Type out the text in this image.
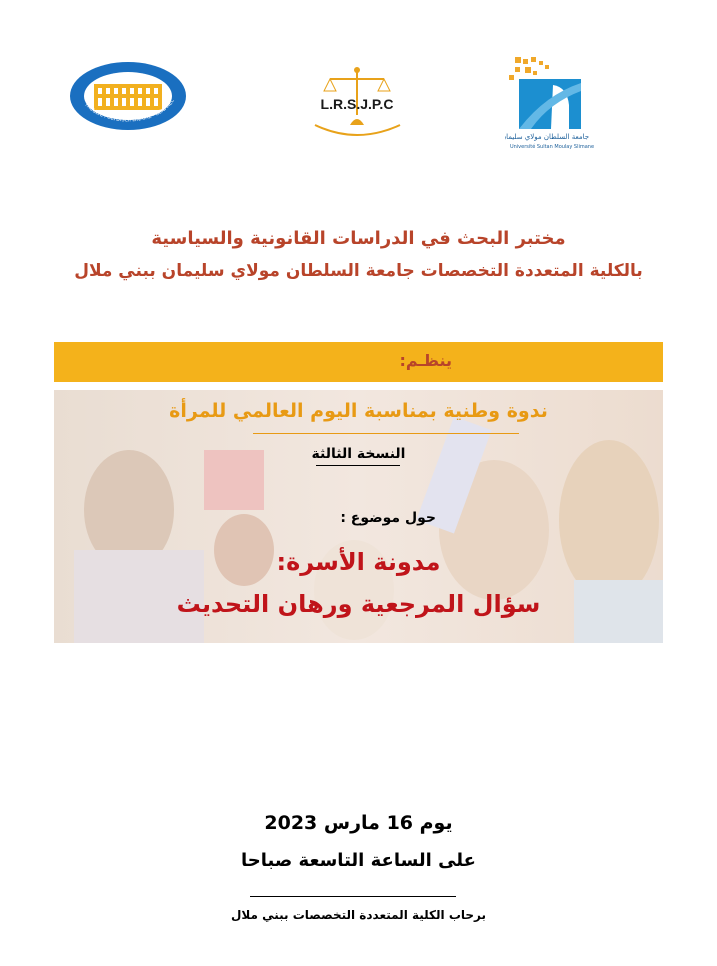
FACULTE POLYDISCIPLINAIRE - BENI MEL	L.R.S.J.P.C
جامعة السلطان مولاي سليمان
Université Sultan Moulay Slimane
مختبر البحث في الدراسات القانونية والسياسية
بالكلية المتعددة التخصصات جامعة السلطان مولاي سليمان ببني ملال
ينظـم:
ندوة وطنية بمناسبة اليوم العالمي للمرأة
النسخة الثالثة
حول موضوع :
مدونة الأسرة:
سؤال المرجعية ورهان التحديث
يوم 16 مارس 2023
على الساعة التاسعة صباحا
برحاب الكلية المتعددة التخصصات ببني ملال
